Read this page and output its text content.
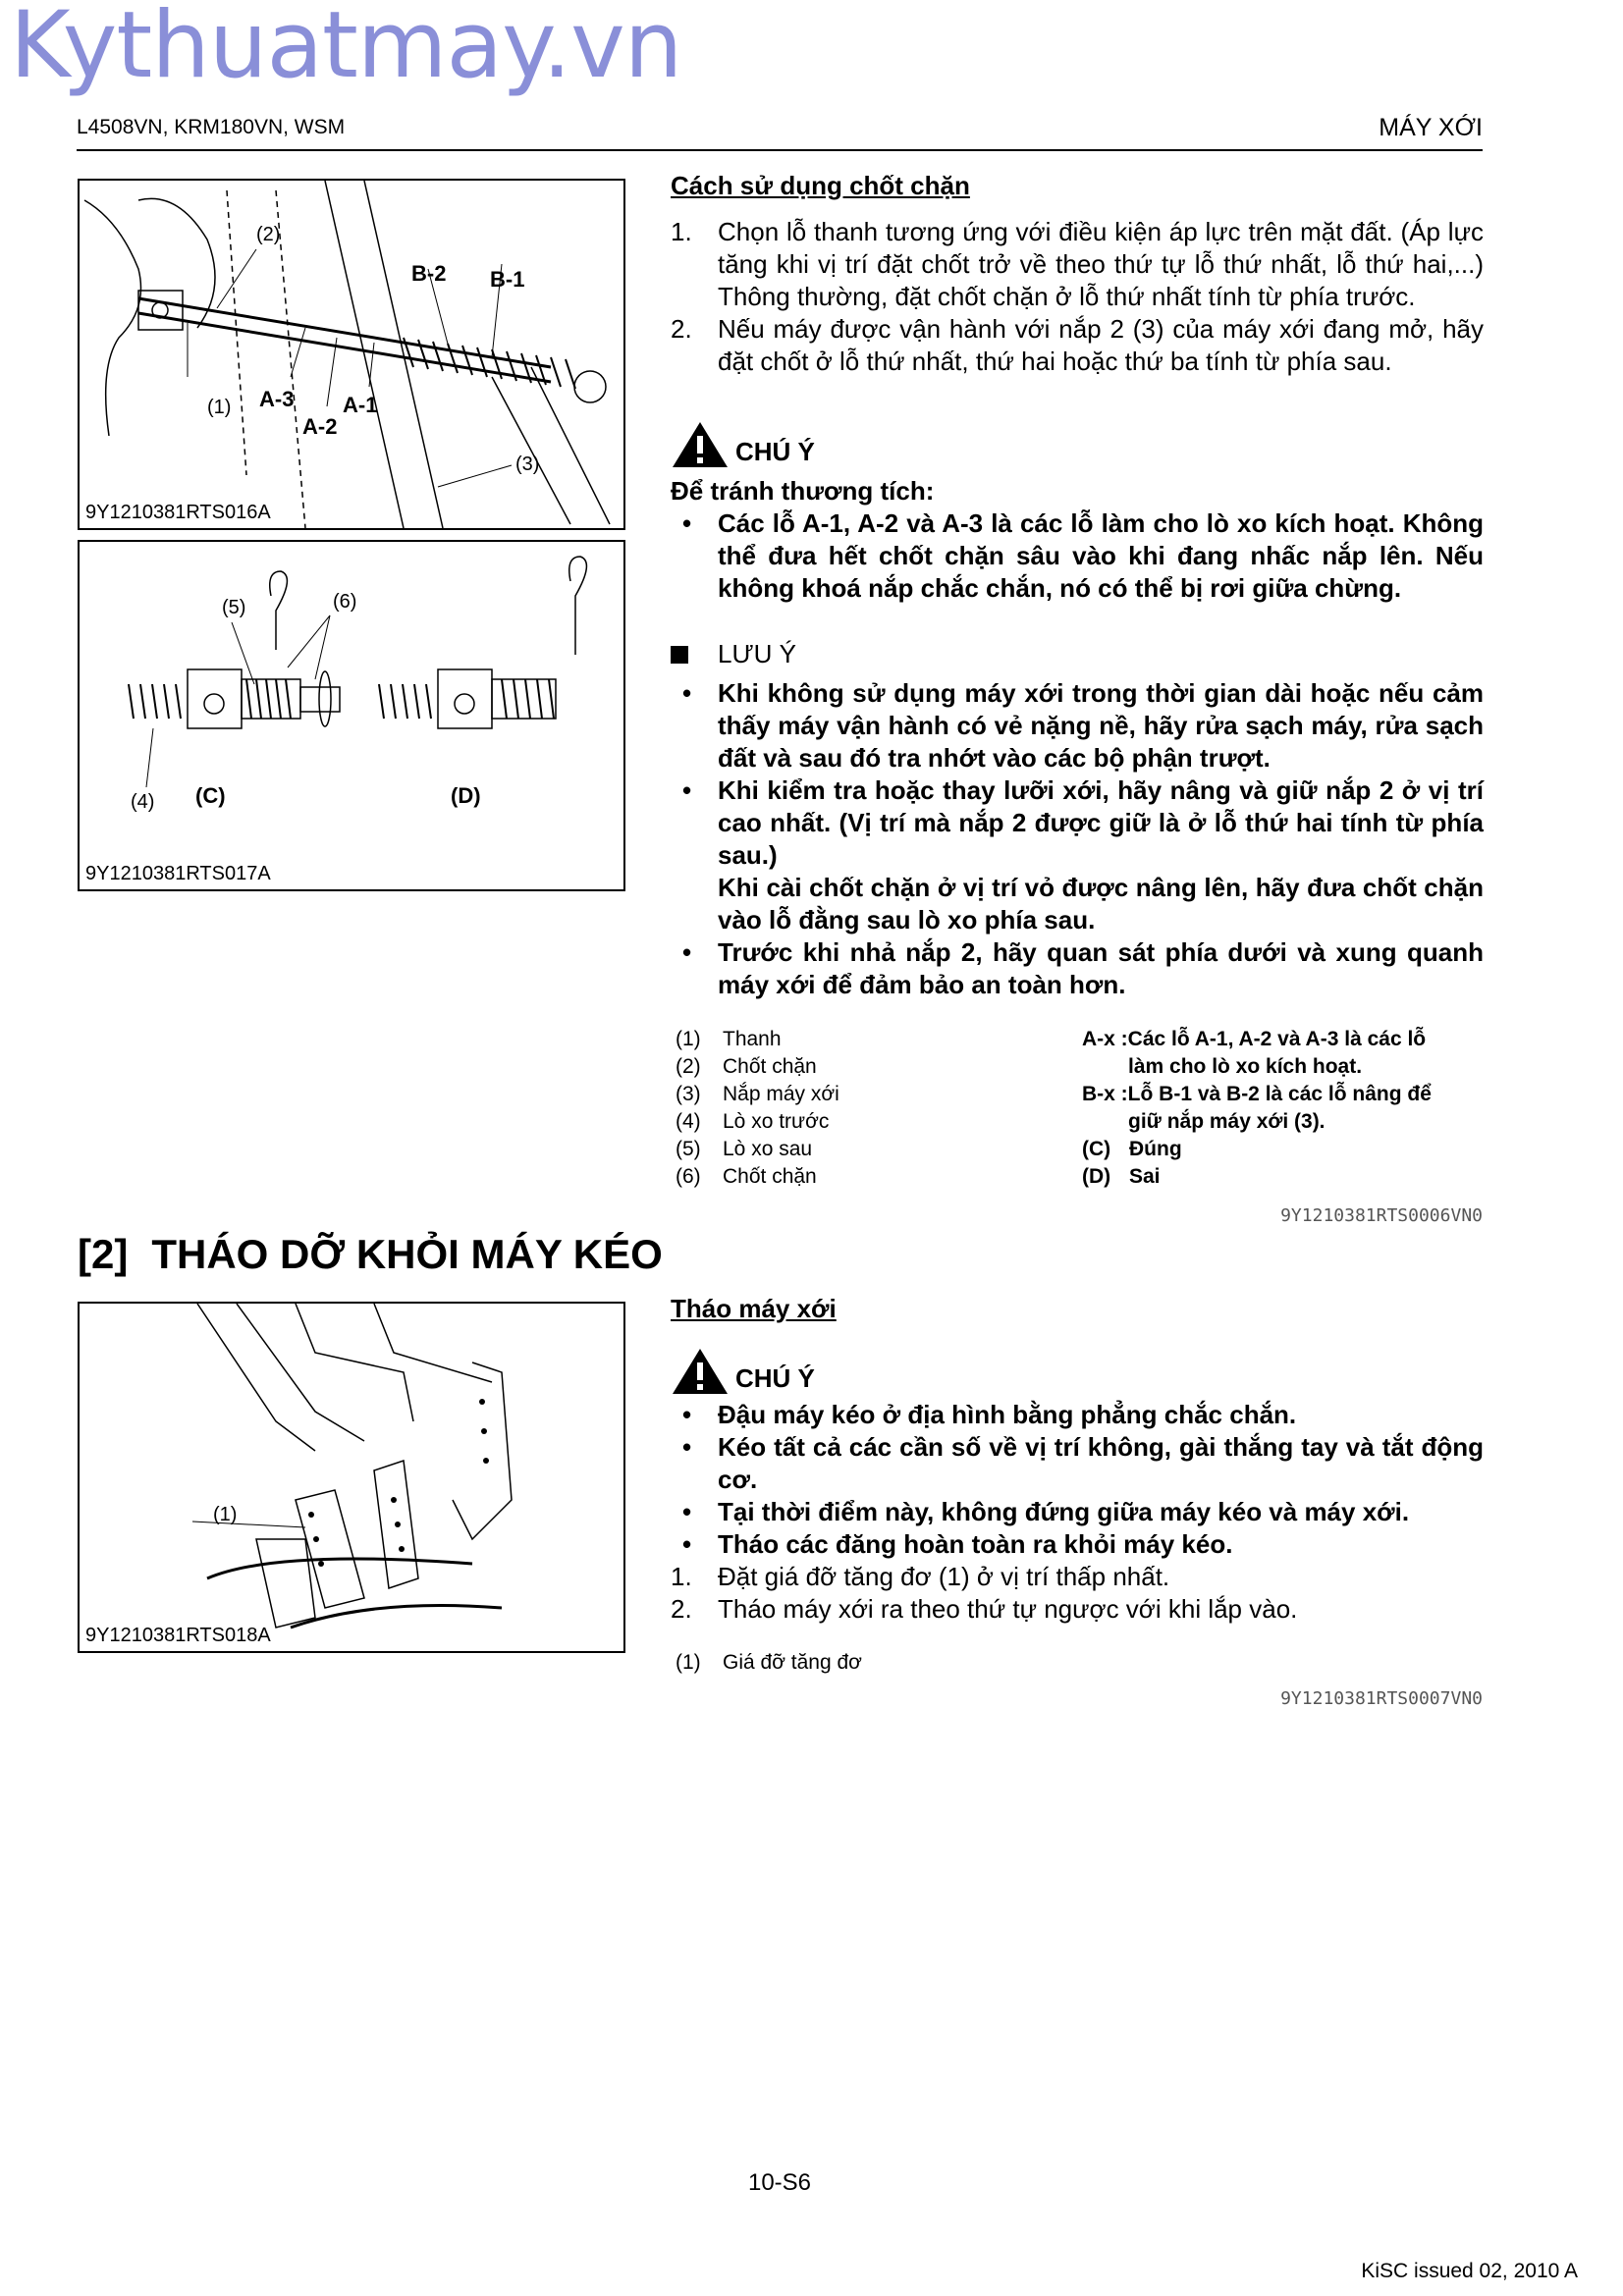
Kythuatmay.vn
L4508VN, KRM180VN, WSM	MÁY XỚI
(2)
B-2 B-1
(1) A-3 A-1
A-2
(3)
9Y1210381RTS016A
(5)	(6)
(4) (C)	(D)
9Y1210381RTS017A
Cách sử dụng chốt chặn
1. Chọn lỗ thanh tương ứng với điều kiện áp lực trên mặt đất. (Áp lực tăng khi vị trí đặt chốt trở về theo thứ tự lỗ thứ nhất, lỗ thứ hai,...) Thông thường, đặt chốt chặn ở lỗ thứ nhất tính từ phía trước.
2. Nếu máy được vận hành với nắp 2 (3) của máy xới đang mở, hãy đặt chốt ở lỗ thứ nhất, thứ hai hoặc thứ ba tính từ phía sau.
CHÚ Ý
Để tránh thương tích:
• Các lỗ A-1, A-2 và A-3 là các lỗ làm cho lò xo kích hoạt. Không thể đưa hết chốt chặn sâu vào khi đang nhấc nắp lên. Nếu không khoá nắp chắc chắn, nó có thể bị rơi giữa chừng.
LƯU Ý
• Khi không sử dụng máy xới trong thời gian dài hoặc nếu cảm thấy máy vận hành có vẻ nặng nề, hãy rửa sạch máy, rửa sạch đất và sau đó tra nhớt vào các bộ phận trượt.
• Khi kiểm tra hoặc thay lưỡi xới, hãy nâng và giữ nắp 2 ở vị trí cao nhất. (Vị trí mà nắp 2 được giữ là ở lỗ thứ hai tính từ phía sau.)
Khi cài chốt chặn ở vị trí vỏ được nâng lên, hãy đưa chốt chặn vào lỗ đằng sau lò xo phía sau.
• Trước khi nhả nắp 2, hãy quan sát phía dưới và xung quanh máy xới để đảm bảo an toàn hơn.
(1) Thanh
(2) Chốt chặn
(3) Nắp máy xới
(4) Lò xo trước
(5) Lò xo sau
(6) Chốt chặn
A-x :Các lỗ A-1, A-2 và A-3 là các lỗ
làm cho lò xo kích hoạt.
B-x :Lỗ B-1 và B-2 là các lỗ nâng để
giữ nắp máy xới (3).
(C) Đúng
(D) Sai
9Y1210381RTS0006VN0
[2] THÁO DỠ KHỎI MÁY KÉO
(1)
9Y1210381RTS018A
Tháo máy xới
CHÚ Ý
• Đậu máy kéo ở địa hình bằng phẳng chắc chắn.
• Kéo tất cả các cần số về vị trí không, gài thắng tay và tắt động cơ.
• Tại thời điểm này, không đứng giữa máy kéo và máy xới.
• Tháo các đăng hoàn toàn ra khỏi máy kéo.
1. Đặt giá đỡ tăng đơ (1) ở vị trí thấp nhất.
2. Tháo máy xới ra theo thứ tự ngược với khi lắp vào.
(1) Giá đỡ tăng đơ
9Y1210381RTS0007VN0
10-S6
KiSC issued 02, 2010 A
